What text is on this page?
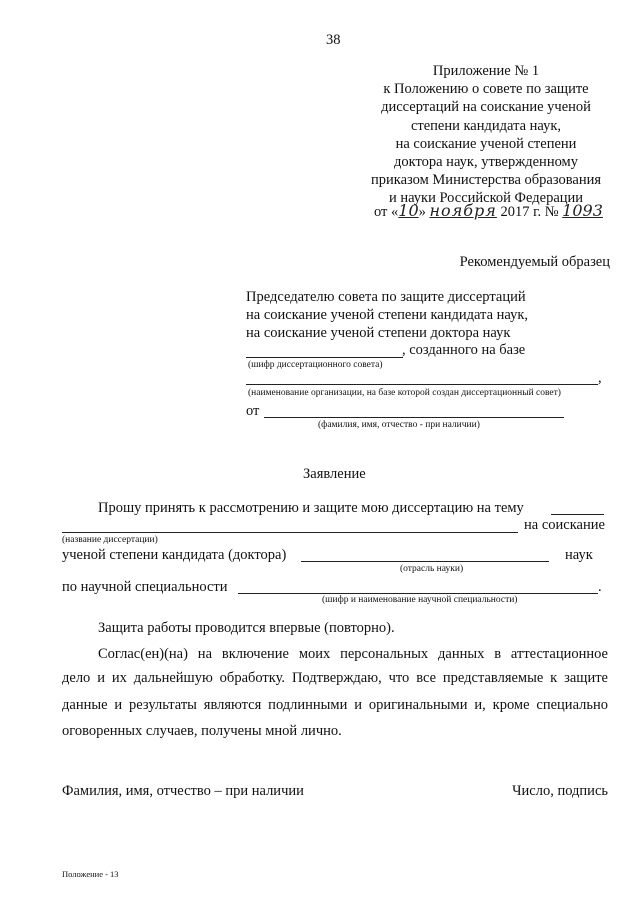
38
Приложение № 1
к Положению о совете по защите
диссертаций на соискание ученой
степени кандидата наук,
на соискание ученой степени
доктора наук, утвержденному
приказом Министерства образования
и науки Российской Федерации
от «10» ноября 2017 г. № 1093
Рекомендуемый образец
Председателю совета по защите диссертаций
на соискание ученой степени кандидата наук,
на соискание ученой степени доктора наук
, созданного на базе
(шифр диссертационного совета)
,
(наименование организации, на базе которой создан диссертационный совет)
от
(фамилия, имя, отчество - при наличии)
Заявление
Прошу принять к рассмотрению и защите мою диссертацию на тему
на соискание
(название диссертации)
ученой степени кандидата (доктора)	наук
(отрасль науки)
по научной специальности	.
(шифр и наименование научной специальности)
Защита работы проводится впервые (повторно).
Соглас(ен)(на) на включение моих персональных данных в аттестационное
дело и их дальнейшую обработку. Подтверждаю, что все представляемые к защите
данные и результаты являются подлинными и оригинальными и, кроме специально
оговоренных случаев, получены мной лично.
Фамилия, имя, отчество – при наличии	Число, подпись
Положение - 13
